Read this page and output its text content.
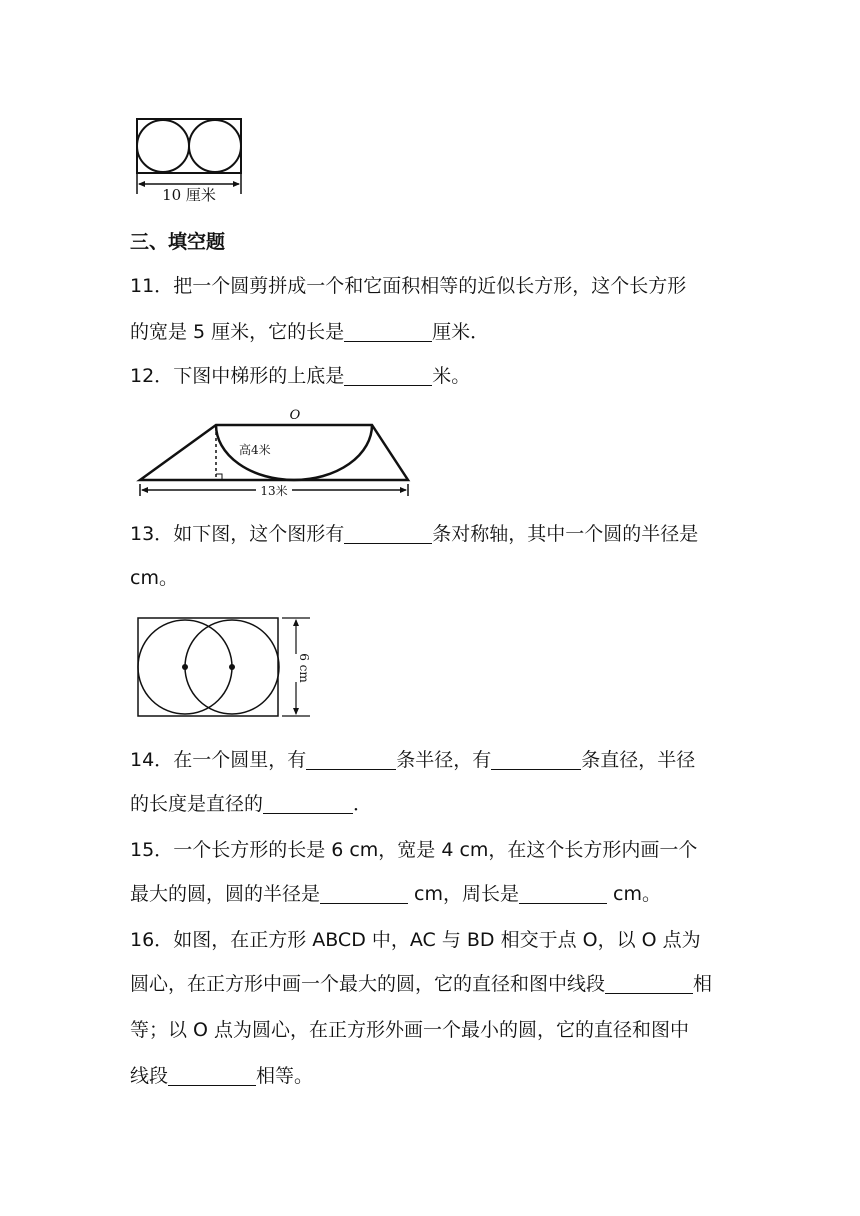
10 厘米
三、填空题
11．把一个圆剪拼成一个和它面积相等的近似长方形，这个长方形
的宽是 5 厘米，它的长是	厘米．
12．下图中梯形的上底是	米。
O
高4米
13米
13．如下图，这个图形有	条对称轴，其中一个圆的半径是
cm。
6 cm
14．在一个圆里，有	条半径，有	条直径，半径
的长度是直径的	．
15．一个长方形的长是 6 cm，宽是 4 cm，在这个长方形内画一个
最大的圆，圆的半径是	cm，周长是	cm。
16．如图，在正方形 ABCD 中，AC 与 BD 相交于点 O，以 O 点为
圆心，在正方形中画一个最大的圆，它的直径和图中线段	相
等；以 O 点为圆心，在正方形外画一个最小的圆，它的直径和图中
线段	相等。
